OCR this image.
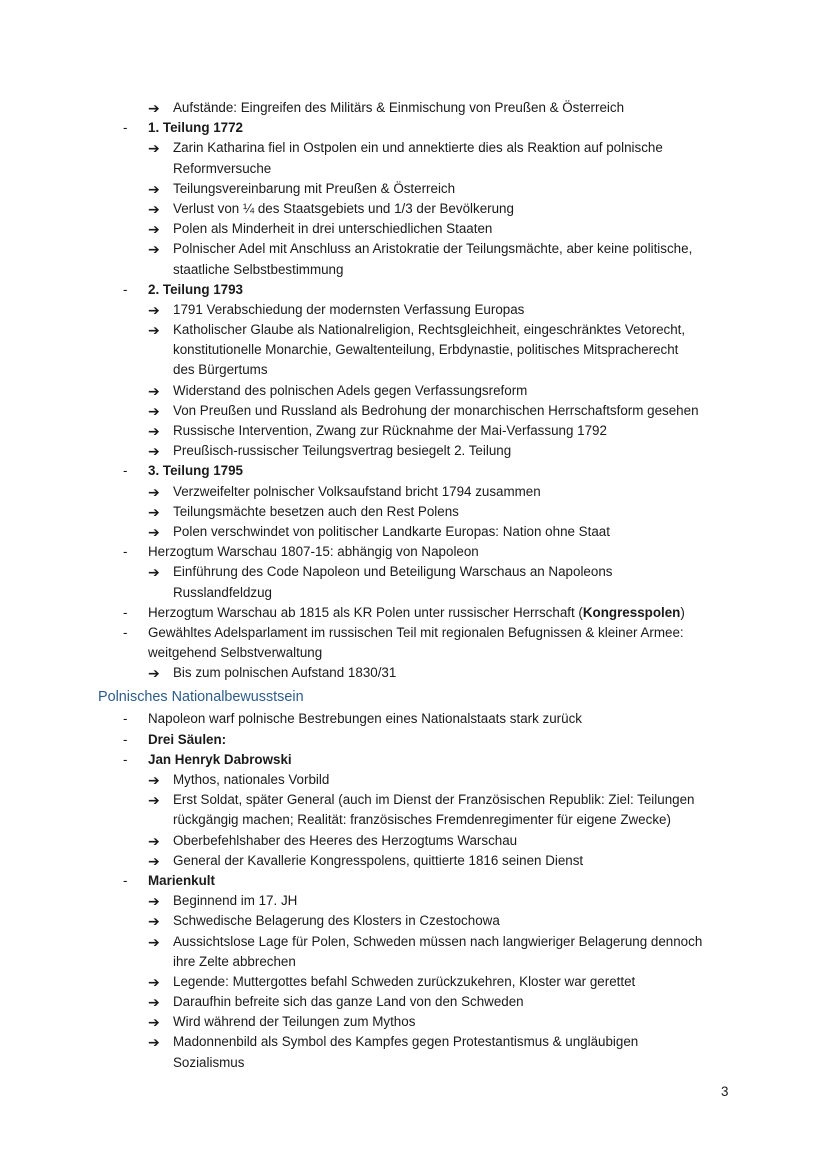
➔ Aufstände: Eingreifen des Militärs & Einmischung von Preußen & Österreich
- 1. Teilung 1772
➔ Zarin Katharina fiel in Ostpolen ein und annektierte dies als Reaktion auf polnische
Reformversuche
➔ Teilungsvereinbarung mit Preußen & Österreich
➔ Verlust von ¼ des Staatsgebiets und 1/3 der Bevölkerung
➔ Polen als Minderheit in drei unterschiedlichen Staaten
➔ Polnischer Adel mit Anschluss an Aristokratie der Teilungsmächte, aber keine politische,
staatliche Selbstbestimmung
- 2. Teilung 1793
➔ 1791 Verabschiedung der modernsten Verfassung Europas
➔ Katholischer Glaube als Nationalreligion, Rechtsgleichheit, eingeschränktes Vetorecht,
konstitutionelle Monarchie, Gewaltenteilung, Erbdynastie, politisches Mitspracherecht
des Bürgertums
➔ Widerstand des polnischen Adels gegen Verfassungsreform
➔ Von Preußen und Russland als Bedrohung der monarchischen Herrschaftsform gesehen
➔ Russische Intervention, Zwang zur Rücknahme der Mai-Verfassung 1792
➔ Preußisch-russischer Teilungsvertrag besiegelt 2. Teilung
- 3. Teilung 1795
➔ Verzweifelter polnischer Volksaufstand bricht 1794 zusammen
➔ Teilungsmächte besetzen auch den Rest Polens
➔ Polen verschwindet von politischer Landkarte Europas: Nation ohne Staat
- Herzogtum Warschau 1807-15: abhängig von Napoleon
➔ Einführung des Code Napoleon und Beteiligung Warschaus an Napoleons
Russlandfeldzug
- Herzogtum Warschau ab 1815 als KR Polen unter russischer Herrschaft (Kongresspolen)
- Gewähltes Adelsparlament im russischen Teil mit regionalen Befugnissen & kleiner Armee:
weitgehend Selbstverwaltung
➔ Bis zum polnischen Aufstand 1830/31
Polnisches Nationalbewusstsein
- Napoleon warf polnische Bestrebungen eines Nationalstaats stark zurück
- Drei Säulen:
- Jan Henryk Dabrowski
➔ Mythos, nationales Vorbild
➔ Erst Soldat, später General (auch im Dienst der Französischen Republik: Ziel: Teilungen
rückgängig machen; Realität: französisches Fremdenregimenter für eigene Zwecke)
➔ Oberbefehlshaber des Heeres des Herzogtums Warschau
➔ General der Kavallerie Kongresspolens, quittierte 1816 seinen Dienst
- Marienkult
➔ Beginnend im 17. JH
➔ Schwedische Belagerung des Klosters in Czestochowa
➔ Aussichtslose Lage für Polen, Schweden müssen nach langwieriger Belagerung dennoch
ihre Zelte abbrechen
➔ Legende: Muttergottes befahl Schweden zurückzukehren, Kloster war gerettet
➔ Daraufhin befreite sich das ganze Land von den Schweden
➔ Wird während der Teilungen zum Mythos
➔ Madonnenbild als Symbol des Kampfes gegen Protestantismus & ungläubigen
Sozialismus
3
